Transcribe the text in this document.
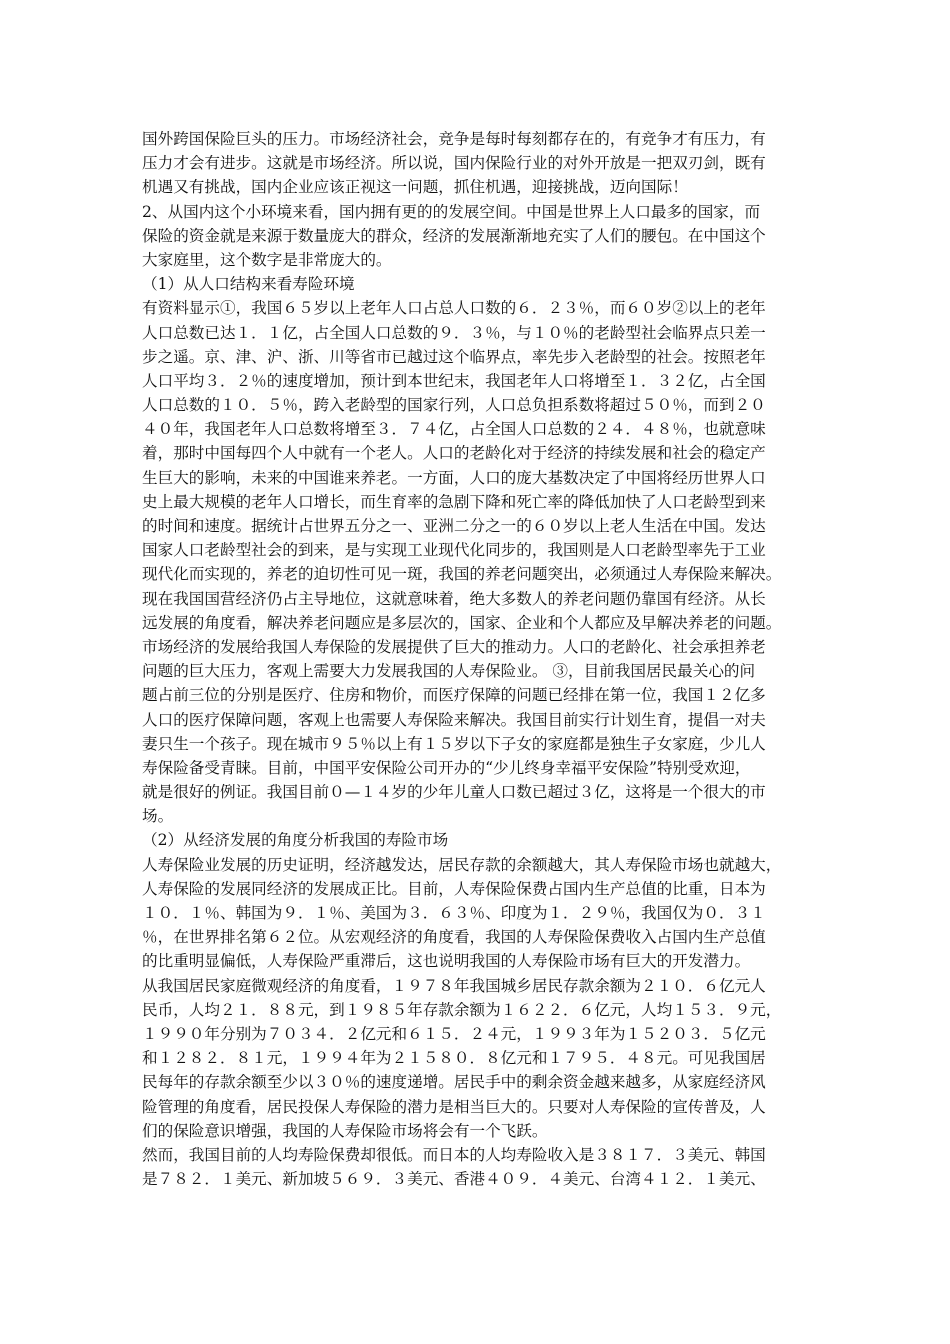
国外跨国保险巨头的压力。市场经济社会，竞争是每时每刻都存在的，有竞争才有压力，有
压力才会有进步。这就是市场经济。所以说，国内保险行业的对外开放是一把双刃剑，既有
机遇又有挑战，国内企业应该正视这一问题，抓住机遇，迎接挑战，迈向国际！
2、从国内这个小环境来看，国内拥有更的的发展空间。中国是世界上人口最多的国家，而
保险的资金就是来源于数量庞大的群众，经济的发展渐渐地充实了人们的腰包。在中国这个
大家庭里，这个数字是非常庞大的。
（1）从人口结构来看寿险环境
有资料显示①，我国６５岁以上老年人口占总人口数的６．２３％，而６０岁②以上的老年
人口总数已达１．１亿，占全国人口总数的９．３％，与１０％的老龄型社会临界点只差一
步之遥。京、津、沪、浙、川等省市已越过这个临界点，率先步入老龄型的社会。按照老年
人口平均３．２％的速度增加，预计到本世纪末，我国老年人口将增至１．３２亿，占全国
人口总数的１０．５％，跨入老龄型的国家行列，人口总负担系数将超过５０％，而到２０
４０年，我国老年人口总数将增至３．７４亿，占全国人口总数的２４．４８％，也就意味
着，那时中国每四个人中就有一个老人。人口的老龄化对于经济的持续发展和社会的稳定产
生巨大的影响，未来的中国谁来养老。一方面，人口的庞大基数决定了中国将经历世界人口
史上最大规模的老年人口增长，而生育率的急剧下降和死亡率的降低加快了人口老龄型到来
的时间和速度。据统计占世界五分之一、亚洲二分之一的６０岁以上老人生活在中国。发达
国家人口老龄型社会的到来，是与实现工业现代化同步的，我国则是人口老龄型率先于工业
现代化而实现的，养老的迫切性可见一斑，我国的养老问题突出，必须通过人寿保险来解决。
现在我国国营经济仍占主导地位，这就意味着，绝大多数人的养老问题仍靠国有经济。从长
远发展的角度看，解决养老问题应是多层次的，国家、企业和个人都应及早解决养老的问题。
市场经济的发展给我国人寿保险的发展提供了巨大的推动力。人口的老龄化、社会承担养老
问题的巨大压力，客观上需要大力发展我国的人寿保险业。 ③，目前我国居民最关心的问
题占前三位的分别是医疗、住房和物价，而医疗保障的问题已经排在第一位，我国１２亿多
人口的医疗保障问题，客观上也需要人寿保险来解决。我国目前实行计划生育，提倡一对夫
妻只生一个孩子。现在城市９５％以上有１５岁以下子女的家庭都是独生子女家庭，少儿人
寿保险备受青睐。目前，中国平安保险公司开办的“少儿终身幸福平安保险”特别受欢迎，
就是很好的例证。我国目前０—１４岁的少年儿童人口数已超过３亿，这将是一个很大的市
场。
（2）从经济发展的角度分析我国的寿险市场
人寿保险业发展的历史证明，经济越发达，居民存款的余额越大，其人寿保险市场也就越大，
人寿保险的发展同经济的发展成正比。目前，人寿保险保费占国内生产总值的比重，日本为
１０．１％、韩国为９．１％、美国为３．６３％、印度为１．２９％，我国仅为０．３１
％，在世界排名第６２位。从宏观经济的角度看，我国的人寿保险保费收入占国内生产总值
的比重明显偏低，人寿保险严重滞后，这也说明我国的人寿保险市场有巨大的开发潜力。
从我国居民家庭微观经济的角度看，１９７８年我国城乡居民存款余额为２１０．６亿元人
民币，人均２１．８８元，到１９８５年存款余额为１６２２．６亿元，人均１５３．９元，
１９９０年分别为７０３４．２亿元和６１５．２４元，１９９３年为１５２０３．５亿元
和１２８２．８１元，１９９４年为２１５８０．８亿元和１７９５．４８元。可见我国居
民每年的存款余额至少以３０％的速度递增。居民手中的剩余资金越来越多，从家庭经济风
险管理的角度看，居民投保人寿保险的潜力是相当巨大的。只要对人寿保险的宣传普及，人
们的保险意识增强，我国的人寿保险市场将会有一个飞跃。
然而，我国目前的人均寿险保费却很低。而日本的人均寿险收入是３８１７．３美元、韩国
是７８２．１美元、新加坡５６９．３美元、香港４０９．４美元、台湾４１２．１美元、
